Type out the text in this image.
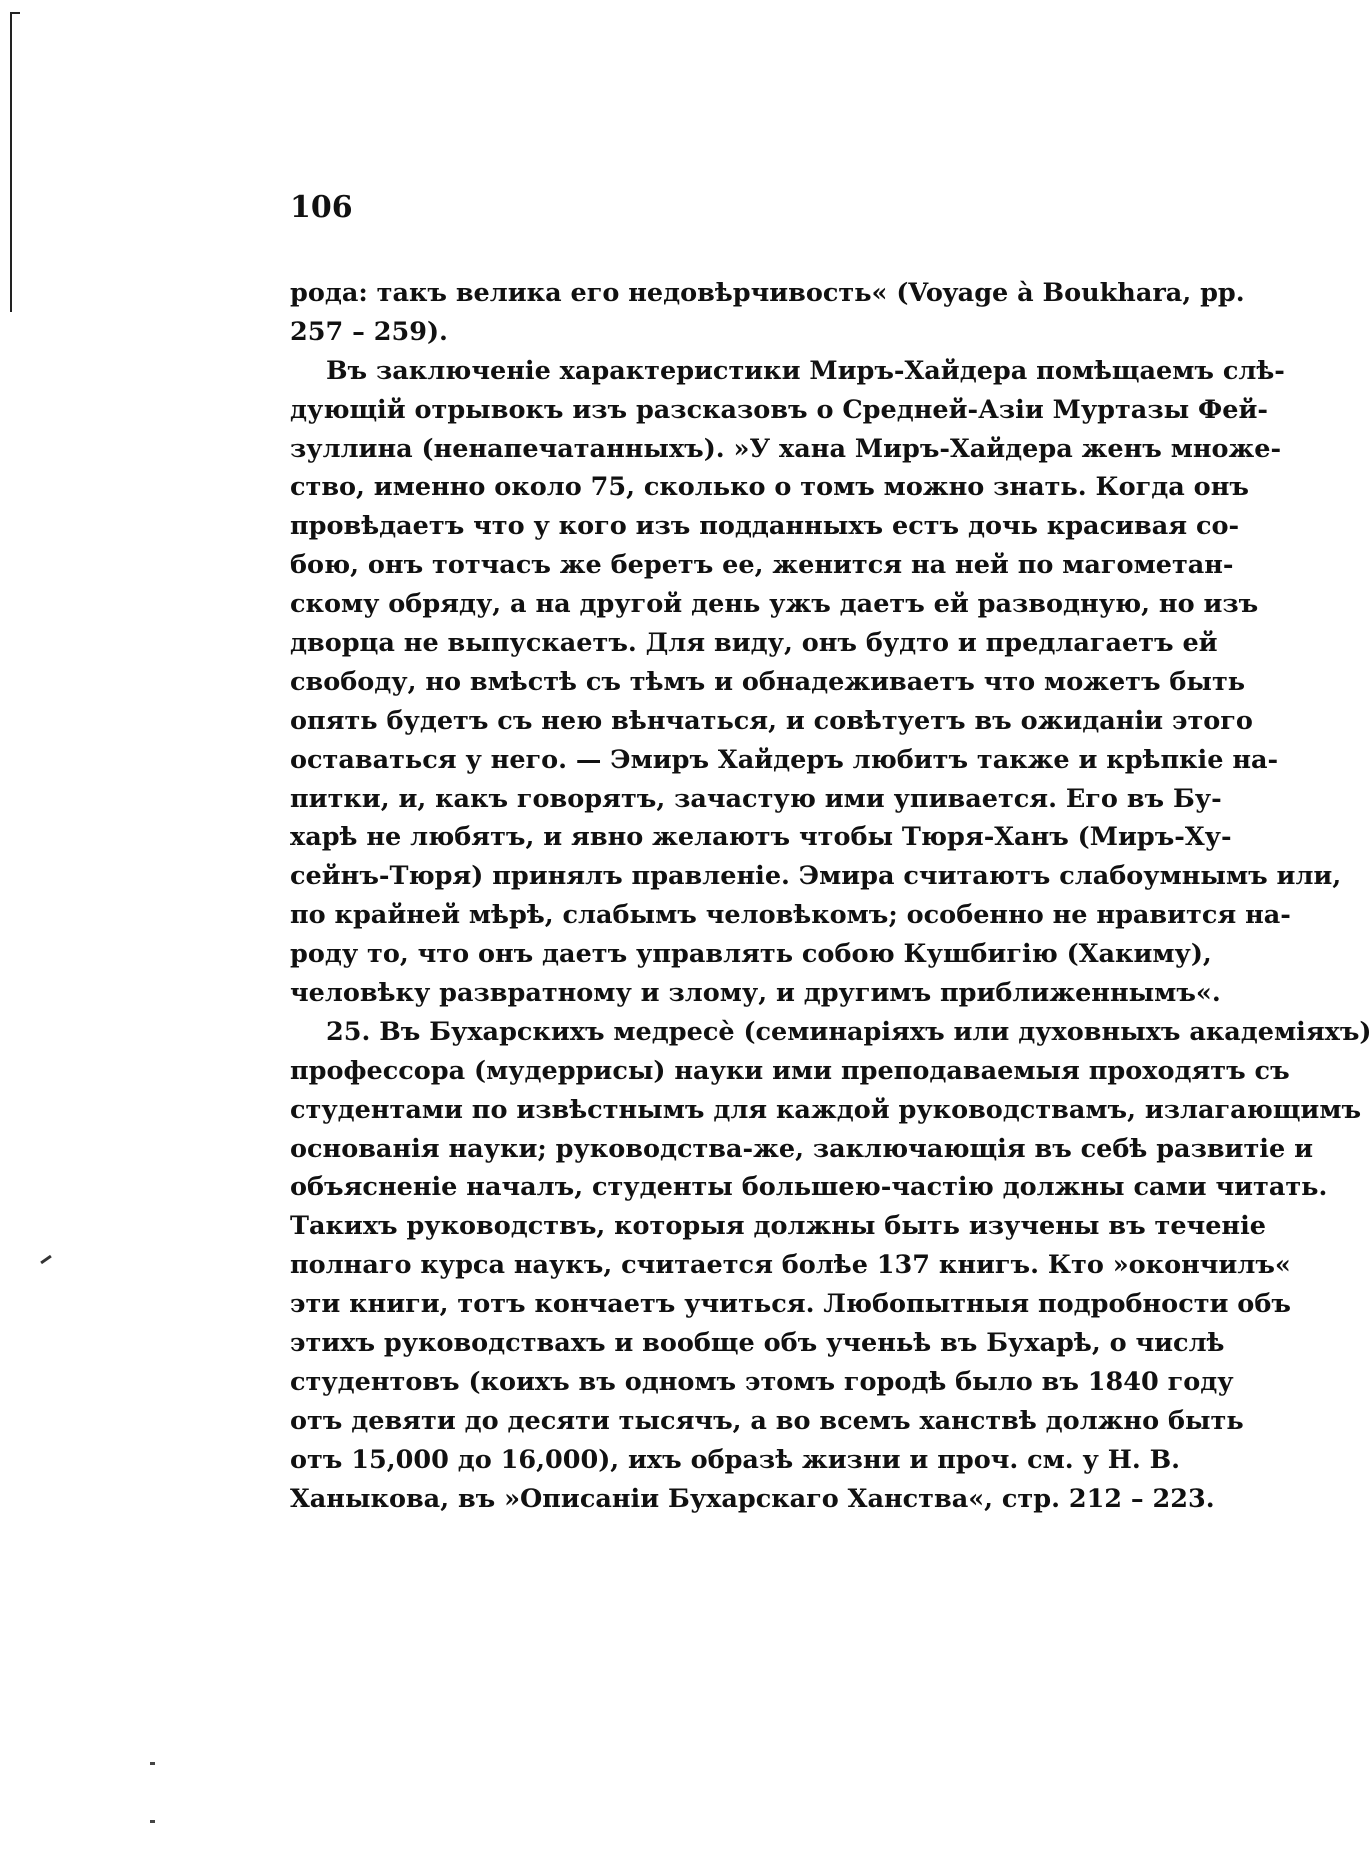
106
рода: такъ велика его недовѣрчивость« (Voyage à Boukhara, pp.
257 – 259).
Въ заключеніе характеристики Миръ-Хайдера помѣщаемъ слѣ-
дующій отрывокъ изъ разсказовъ о Средней-Азіи Муртазы Фей-
зуллина (ненапечатанныхъ). »У хана Миръ-Хайдера женъ множе-
ство, именно около 75, сколько о томъ можно знать. Когда онъ
провѣдаетъ что у кого изъ подданныхъ естъ дочь красивая со-
бою, онъ тотчасъ же беретъ ее, женится на ней по магометан-
скому обряду, а на другой день ужъ даетъ ей разводную, но изъ
дворца не выпускаетъ. Для виду, онъ будто и предлагаетъ ей
свободу, но вмѣстѣ съ тѣмъ и обнадеживаетъ что можетъ быть
опять будетъ съ нею вѣнчаться, и совѣтуетъ въ ожиданіи этого
оставаться у него. — Эмиръ Хайдеръ любитъ также и крѣпкіе на-
питки, и, какъ говорятъ, зачастую ими упивается. Его въ Бу-
харѣ не любятъ, и явно желаютъ чтобы Тюря-Ханъ (Миръ-Ху-
сейнъ-Тюря) принялъ правленіе. Эмира считаютъ слабоумнымъ или,
по крайней мѣрѣ, слабымъ человѣкомъ; особенно не нравится на-
роду то, что онъ даетъ управлять собою Кушбигію (Хакиму),
человѣку развратному и злому, и другимъ приближеннымъ«.
25. Въ Бухарскихъ медресѐ (семинаріяхъ или духовныхъ академіяхъ)
профессора (мудеррисы) науки ими преподаваемыя проходятъ съ
студентами по извѣстнымъ для каждой руководствамъ, излагающимъ
основанія науки; руководства-же, заключающія въ себѣ развитіе и
объясненіе началъ, студенты большею-частію должны сами читать.
Такихъ руководствъ, которыя должны быть изучены въ теченіе
полнаго курса наукъ, считается болѣе 137 книгъ. Кто »окончилъ«
эти книги, тотъ кончаетъ учиться. Любопытныя подробности объ
этихъ руководствахъ и вообще объ ученьѣ въ Бухарѣ, о числѣ
студентовъ (коихъ въ одномъ этомъ городѣ было въ 1840 году
отъ девяти до десяти тысячъ, а во всемъ ханствѣ должно быть
отъ 15,000 до 16,000), ихъ образѣ жизни и проч. см. у Н. В.
Ханыкова, въ »Описаніи Бухарскаго Ханства«, стр. 212 – 223.
